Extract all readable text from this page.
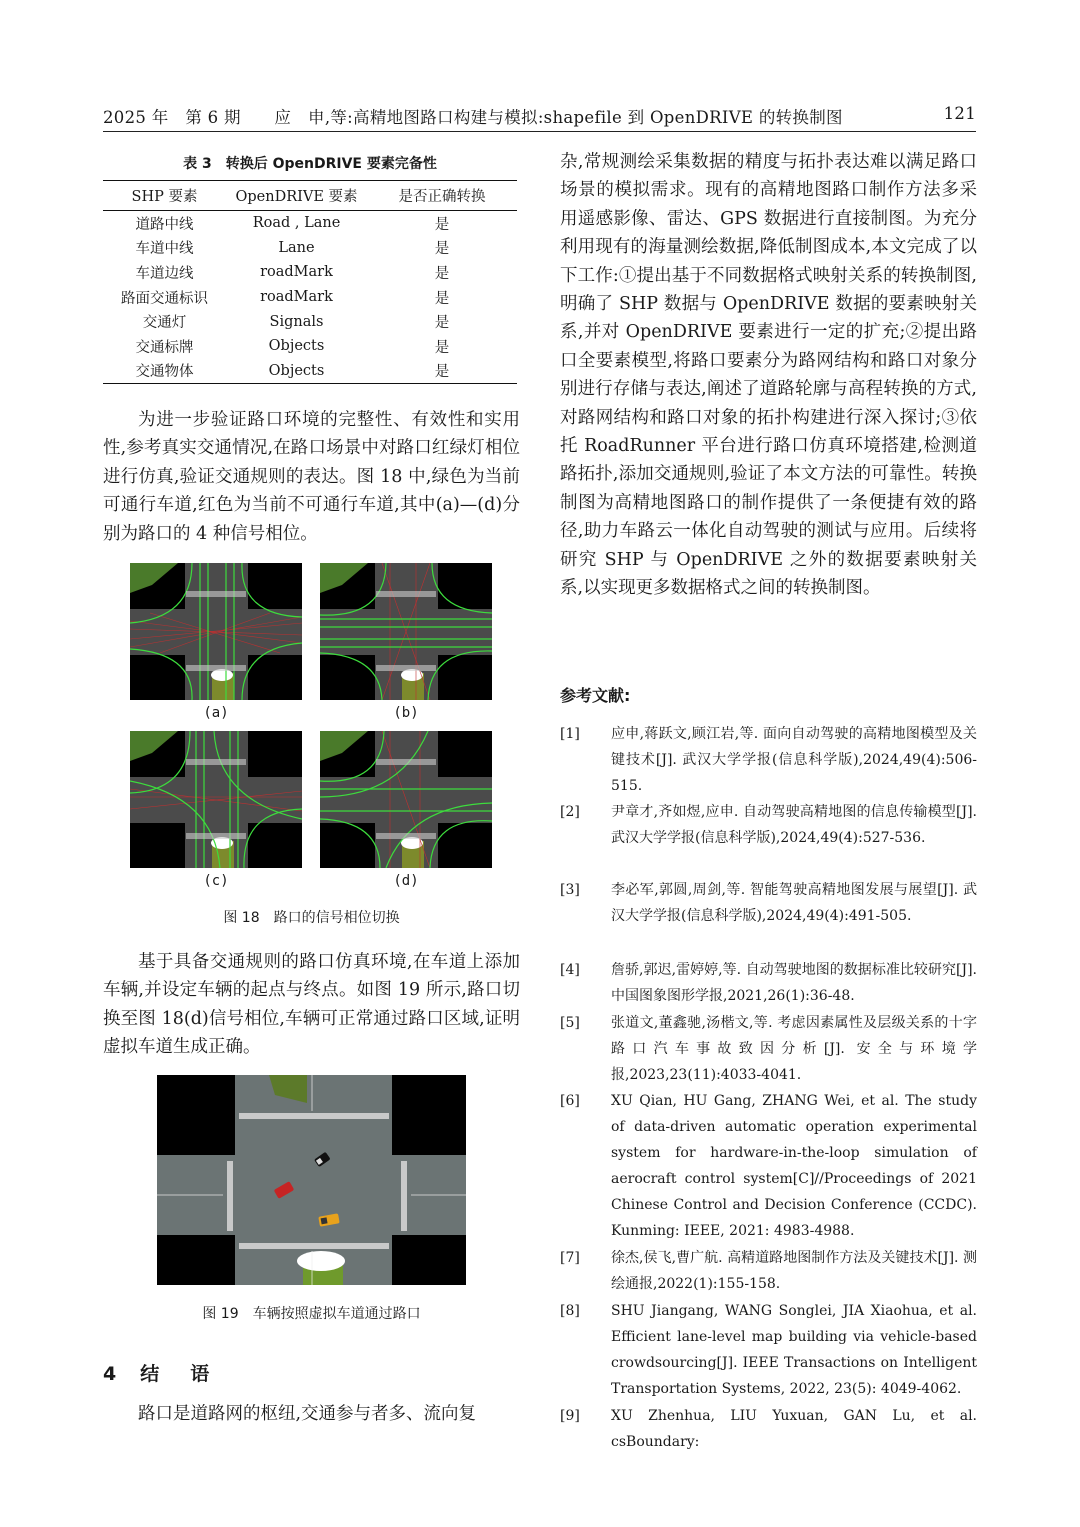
2025 年　第 6 期　　应　申,等:高精地图路口构建与模拟:shapefile 到 OpenDRIVE 的转换制图	121
表 3　转换后 OpenDRIVE 要素完备性
SHP 要素	OpenDRIVE 要素	是否正确转换
道路中线	Road , Lane	是
车道中线	Lane	是
车道边线	roadMark	是
路面交通标识	roadMark	是
交通灯	Signals	是
交通标牌	Objects	是
交通物体	Objects	是
为进一步验证路口环境的完整性、有效性和实用性,参考真实交通情况,在路口场景中对路口红绿灯相位进行仿真,验证交通规则的表达。图 18 中,绿色为当前可通行车道,红色为当前不可通行车道,其中(a)—(d)分别为路口的 4 种信号相位。
(a)	(b)
(c)	(d)
图 18　路口的信号相位切换
基于具备交通规则的路口仿真环境,在车道上添加车辆,并设定车辆的起点与终点。如图 19 所示,路口切换至图 18(d)信号相位,车辆可正常通过路口区域,证明虚拟车道生成正确。
图 19　车辆按照虚拟车道通过路口
4 结　语
路口是道路网的枢纽,交通参与者多、流向复
杂,常规测绘采集数据的精度与拓扑表达难以满足路口场景的模拟需求。现有的高精地图路口制作方法多采用遥感影像、雷达、GPS 数据进行直接制图。为充分利用现有的海量测绘数据,降低制图成本,本文完成了以下工作:①提出基于不同数据格式映射关系的转换制图,明确了 SHP 数据与 OpenDRIVE 数据的要素映射关系,并对 OpenDRIVE 要素进行一定的扩充;②提出路口全要素模型,将路口要素分为路网结构和路口对象分别进行存储与表达,阐述了道路轮廓与高程转换的方式,对路网结构和路口对象的拓扑构建进行深入探讨;③依托 RoadRunner 平台进行路口仿真环境搭建,检测道路拓扑,添加交通规则,验证了本文方法的可靠性。转换制图为高精地图路口的制作提供了一条便捷有效的路径,助力车路云一体化自动驾驶的测试与应用。后续将研究 SHP 与 OpenDRIVE 之外的数据要素映射关系,以实现更多数据格式之间的转换制图。
参考文献:
[1]	应申,蒋跃文,顾江岩,等. 面向自动驾驶的高精地图模型及关键技术[J]. 武汉大学学报(信息科学版),2024,49(4):506-515.
[2]	尹章才,齐如煜,应申. 自动驾驶高精地图的信息传输模型[J]. 武汉大学学报(信息科学版),2024,49(4):527-536.
[3]	李必军,郭圆,周剑,等. 智能驾驶高精地图发展与展望[J]. 武汉大学学报(信息科学版),2024,49(4):491-505.
[4]	詹骄,郭迟,雷婷婷,等. 自动驾驶地图的数据标准比较研究[J]. 中国图象图形学报,2021,26(1):36-48.
[5]	张道文,董鑫驰,汤楷文,等. 考虑因素属性及层级关系的十字路口汽车事故致因分析[J]. 安全与环境学报,2023,23(11):4033-4041.
[6]	XU Qian, HU Gang, ZHANG Wei, et al. The study of data-driven automatic operation experimental system for hardware-in-the-loop simulation of aerocraft control system[C]//Proceedings of 2021 Chinese Control and Decision Conference (CCDC). Kunming: IEEE, 2021: 4983-4988.
[7]	徐杰,侯飞,曹广航. 高精道路地图制作方法及关键技术[J]. 测绘通报,2022(1):155-158.
[8]	SHU Jiangang, WANG Songlei, JIA Xiaohua, et al. Efficient lane-level map building via vehicle-based crowdsourcing[J]. IEEE Transactions on Intelligent Transportation Systems, 2022, 23(5): 4049-4062.
[9]	XU Zhenhua, LIU Yuxuan, GAN Lu, et al. csBoundary:
